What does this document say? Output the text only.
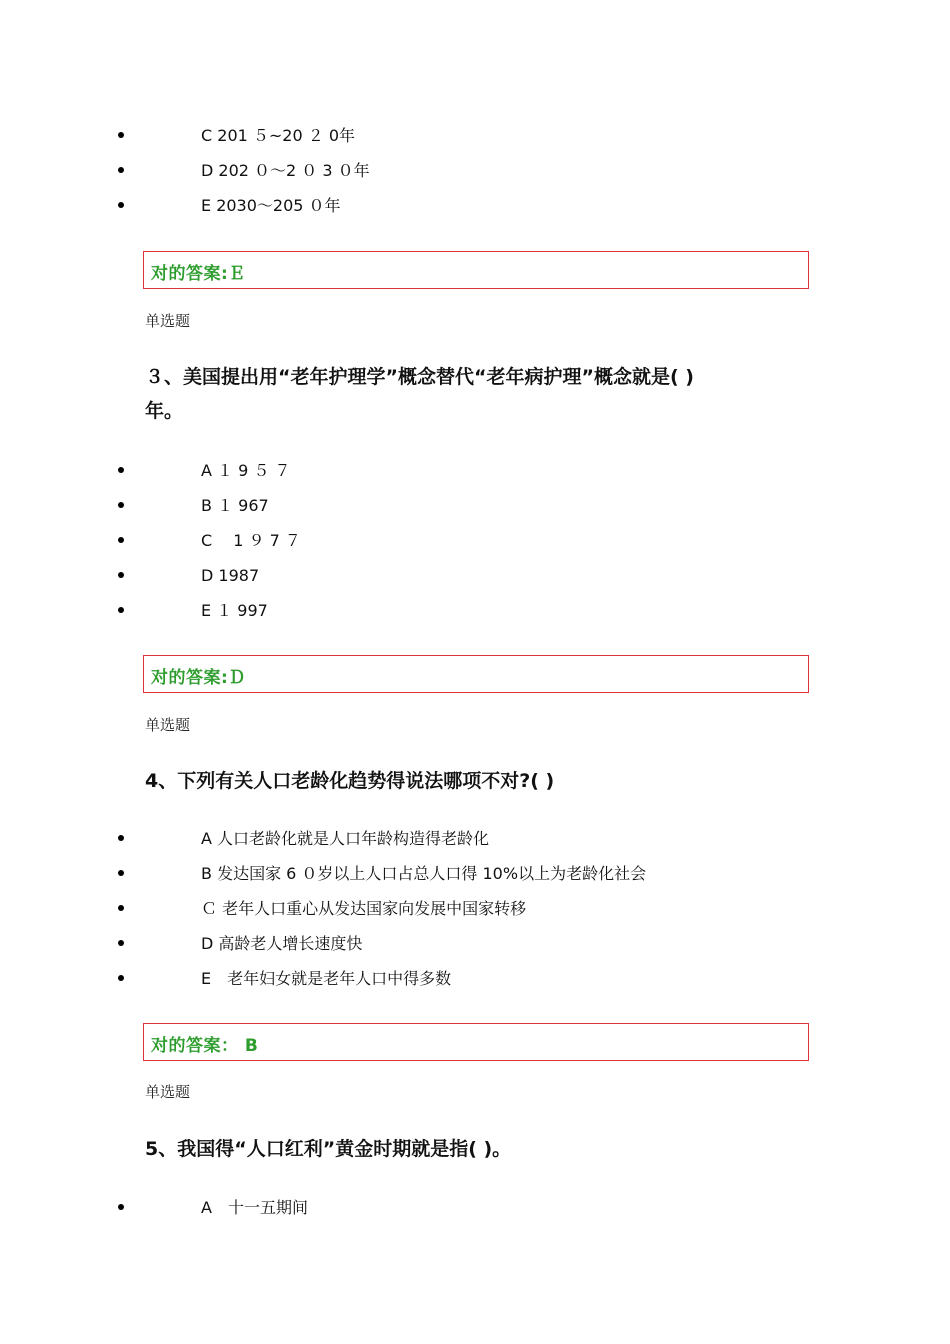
C 201 ５~20 ２ 0年
D 202 ０～2 ０ 3 ０年
E 2030～205 ０年
对的答案:Ｅ
单选题
３、美国提出用“老年护理学”概念替代“老年病护理”概念就是( )
年。
A １ 9 ５ ７
B １ 967
C　 1 ９ 7 ７
D 1987
E １ 997
对的答案:Ｄ
单选题
4、下列有关人口老龄化趋势得说法哪项不对?( )
A 人口老龄化就是人口年龄构造得老龄化
B 发达国家 6 ０岁以上人口占总人口得 10%以上为老龄化社会
Ｃ 老年人口重心从发达国家向发展中国家转移
D 高龄老人增长速度快
E　老年妇女就是老年人口中得多数
对的答案： B
单选题
5、我国得“人口红利”黄金时期就是指( )。
A　十一五期间
